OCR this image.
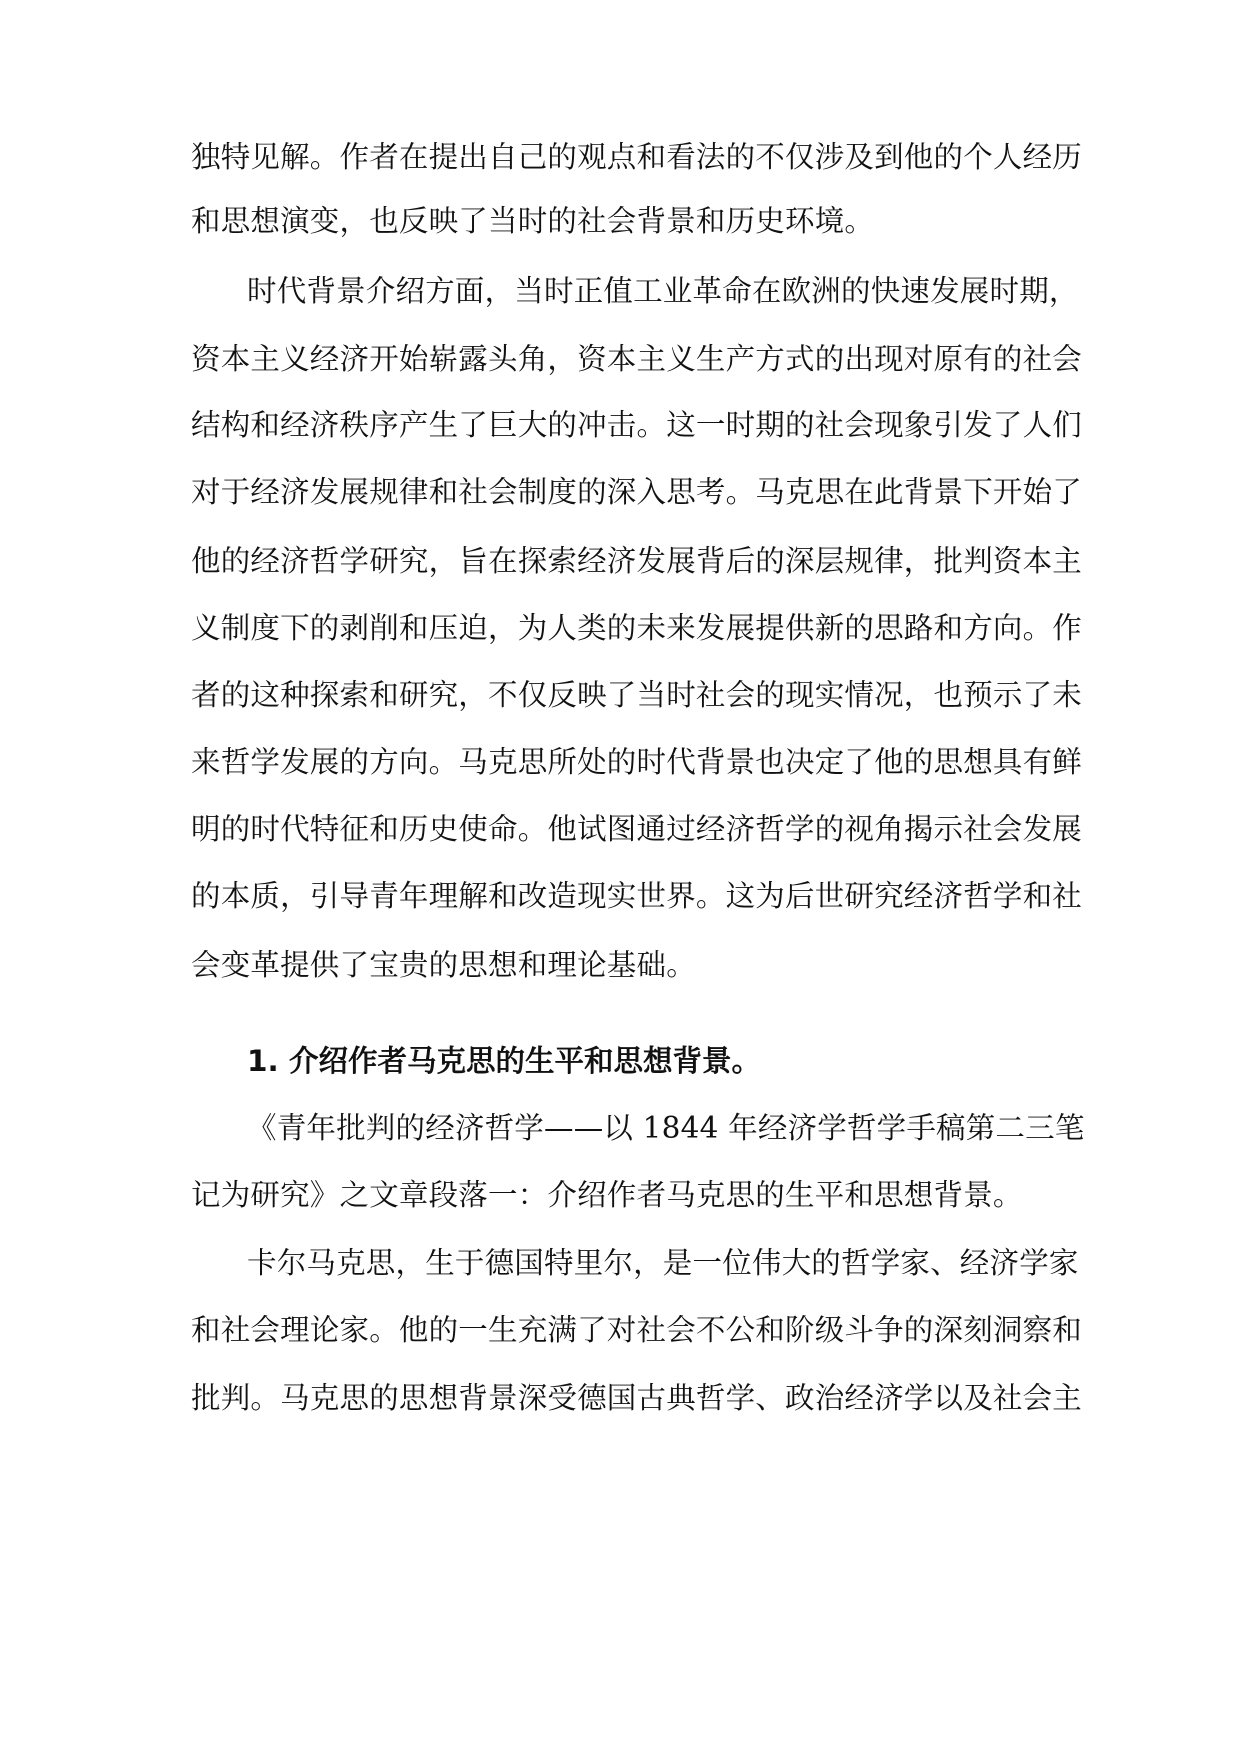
独特见解。作者在提出自己的观点和看法的不仅涉及到他的个人经历

和思想演变，也反映了当时的社会背景和历史环境。

时代背景介绍方面，当时正值工业革命在欧洲的快速发展时期，

资本主义经济开始崭露头角，资本主义生产方式的出现对原有的社会

结构和经济秩序产生了巨大的冲击。这一时期的社会现象引发了人们

对于经济发展规律和社会制度的深入思考。马克思在此背景下开始了

他的经济哲学研究，旨在探索经济发展背后的深层规律，批判资本主

义制度下的剥削和压迫，为人类的未来发展提供新的思路和方向。作

者的这种探索和研究，不仅反映了当时社会的现实情况，也预示了未

来哲学发展的方向。马克思所处的时代背景也决定了他的思想具有鲜

明的时代特征和历史使命。他试图通过经济哲学的视角揭示社会发展

的本质，引导青年理解和改造现实世界。这为后世研究经济哲学和社

会变革提供了宝贵的思想和理论基础。

1. 介绍作者马克思的生平和思想背景。

《青年批判的经济哲学——以 1844 年经济学哲学手稿第二三笔

记为研究》之文章段落一：介绍作者马克思的生平和思想背景。

卡尔马克思，生于德国特里尔，是一位伟大的哲学家、经济学家

和社会理论家。他的一生充满了对社会不公和阶级斗争的深刻洞察和

批判。马克思的思想背景深受德国古典哲学、政治经济学以及社会主
